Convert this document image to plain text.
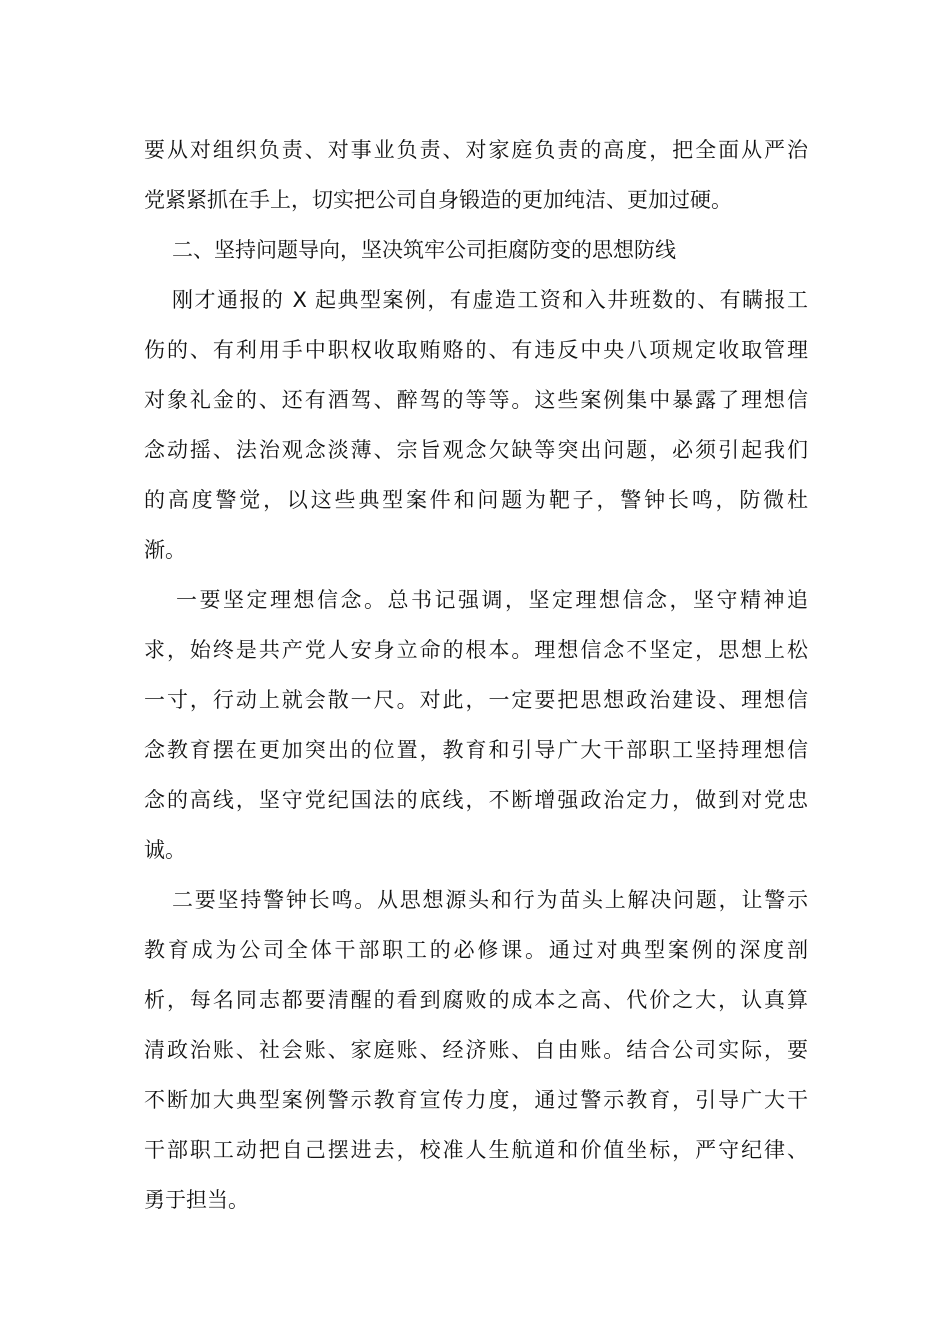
要从对组织负责、对事业负责、对家庭负责的高度，把全面从严治
党紧紧抓在手上，切实把公司自身锻造的更加纯洁、更加过硬。
二、坚持问题导向，坚决筑牢公司拒腐防变的思想防线
刚才通报的 X 起典型案例，有虚造工资和入井班数的、有瞒报工
伤的、有利用手中职权收取贿赂的、有违反中央八项规定收取管理
对象礼金的、还有酒驾、醉驾的等等。这些案例集中暴露了理想信
念动摇、法治观念淡薄、宗旨观念欠缺等突出问题，必须引起我们
的高度警觉，以这些典型案件和问题为靶子，警钟长鸣，防微杜
渐。
一要坚定理想信念。总书记强调，坚定理想信念，坚守精神追
求，始终是共产党人安身立命的根本。理想信念不坚定，思想上松
一寸，行动上就会散一尺。对此，一定要把思想政治建设、理想信
念教育摆在更加突出的位置，教育和引导广大干部职工坚持理想信
念的高线，坚守党纪国法的底线，不断增强政治定力，做到对党忠
诚。
二要坚持警钟长鸣。从思想源头和行为苗头上解决问题，让警示
教育成为公司全体干部职工的必修课。通过对典型案例的深度剖
析，每名同志都要清醒的看到腐败的成本之高、代价之大，认真算
清政治账、社会账、家庭账、经济账、自由账。结合公司实际，要
不断加大典型案例警示教育宣传力度，通过警示教育，引导广大干
干部职工动把自己摆进去，校准人生航道和价值坐标，严守纪律、
勇于担当。
